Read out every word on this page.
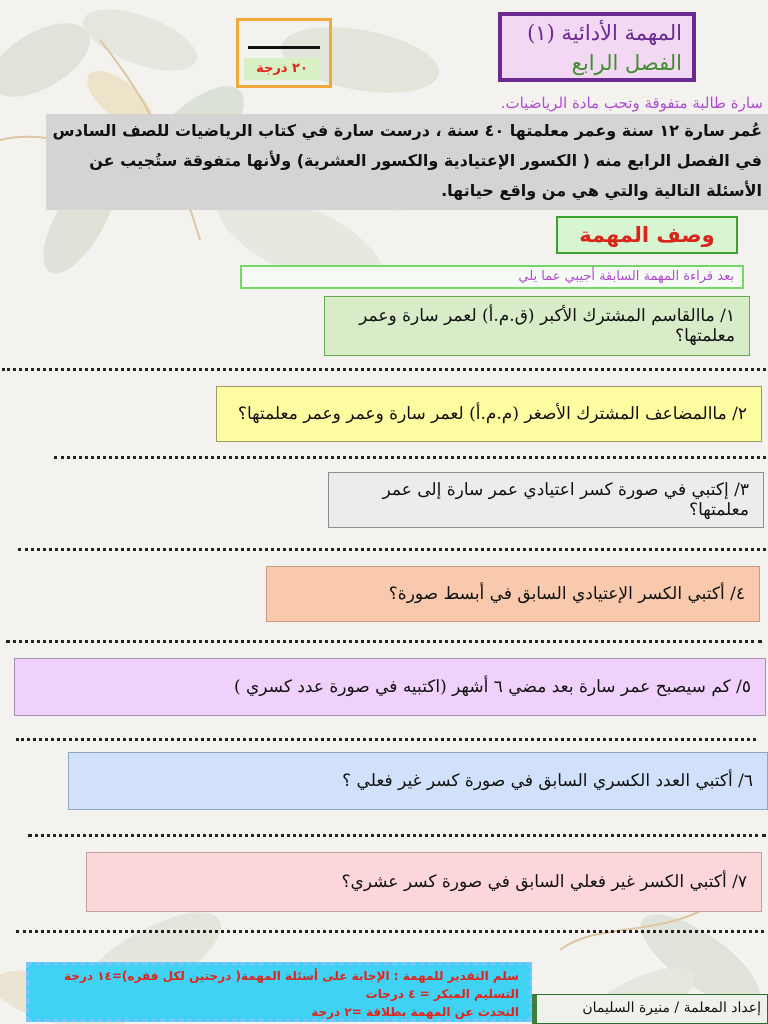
٢٠ درجة
المهمة الأدائية (١)
الفصل الرابع
سارة طالبة متفوقة وتحب مادة الرياضيات.
عُمر سارة ١٢ سنة وعمر معلمتها ٤٠ سنة ، درست سارة في كتاب الرياضيات للصف السادس في الفصل الرابع منه ( الكسور الإعتيادية والكسور العشرية) ولأنها متفوقة ستُجيب عن الأسئلة التالية والتي هي من واقع حياتها.
وصف المهمة
بعد قراءة المهمة السابقة أجيبي عما يلي
١/ ماالقاسم المشترك الأكبر (ق.م.أ) لعمر سارة وعمر معلمتها؟
٢/ ماالمضاعف المشترك الأصغر (م.م.أ) لعمر سارة وعمر وعمر معلمتها؟
٣/ إكتبي في صورة كسر اعتيادي عمر سارة إلى عمر معلمتها؟
٤/ أكتبي الكسر الإعتيادي السابق في أبسط صورة؟
٥/ كم سيصبح عمر سارة بعد مضي ٦ أشهر (اكتبيه في صورة عدد كسري )
٦/ أكتبي العدد الكسري السابق في صورة كسر غير فعلي ؟
٧/ أكتبي الكسر غير فعلي السابق في صورة كسر عشري؟
سلم التقدير للمهمة : الإجابة على أسئلة المهمة( درجتين لكل فقره)=١٤ درجة
التسليم المبكر = ٤ درجات
التحدث عن المهمة بطلاقة =٢ درجة	إعداد المعلمة / منيرة السليمان
